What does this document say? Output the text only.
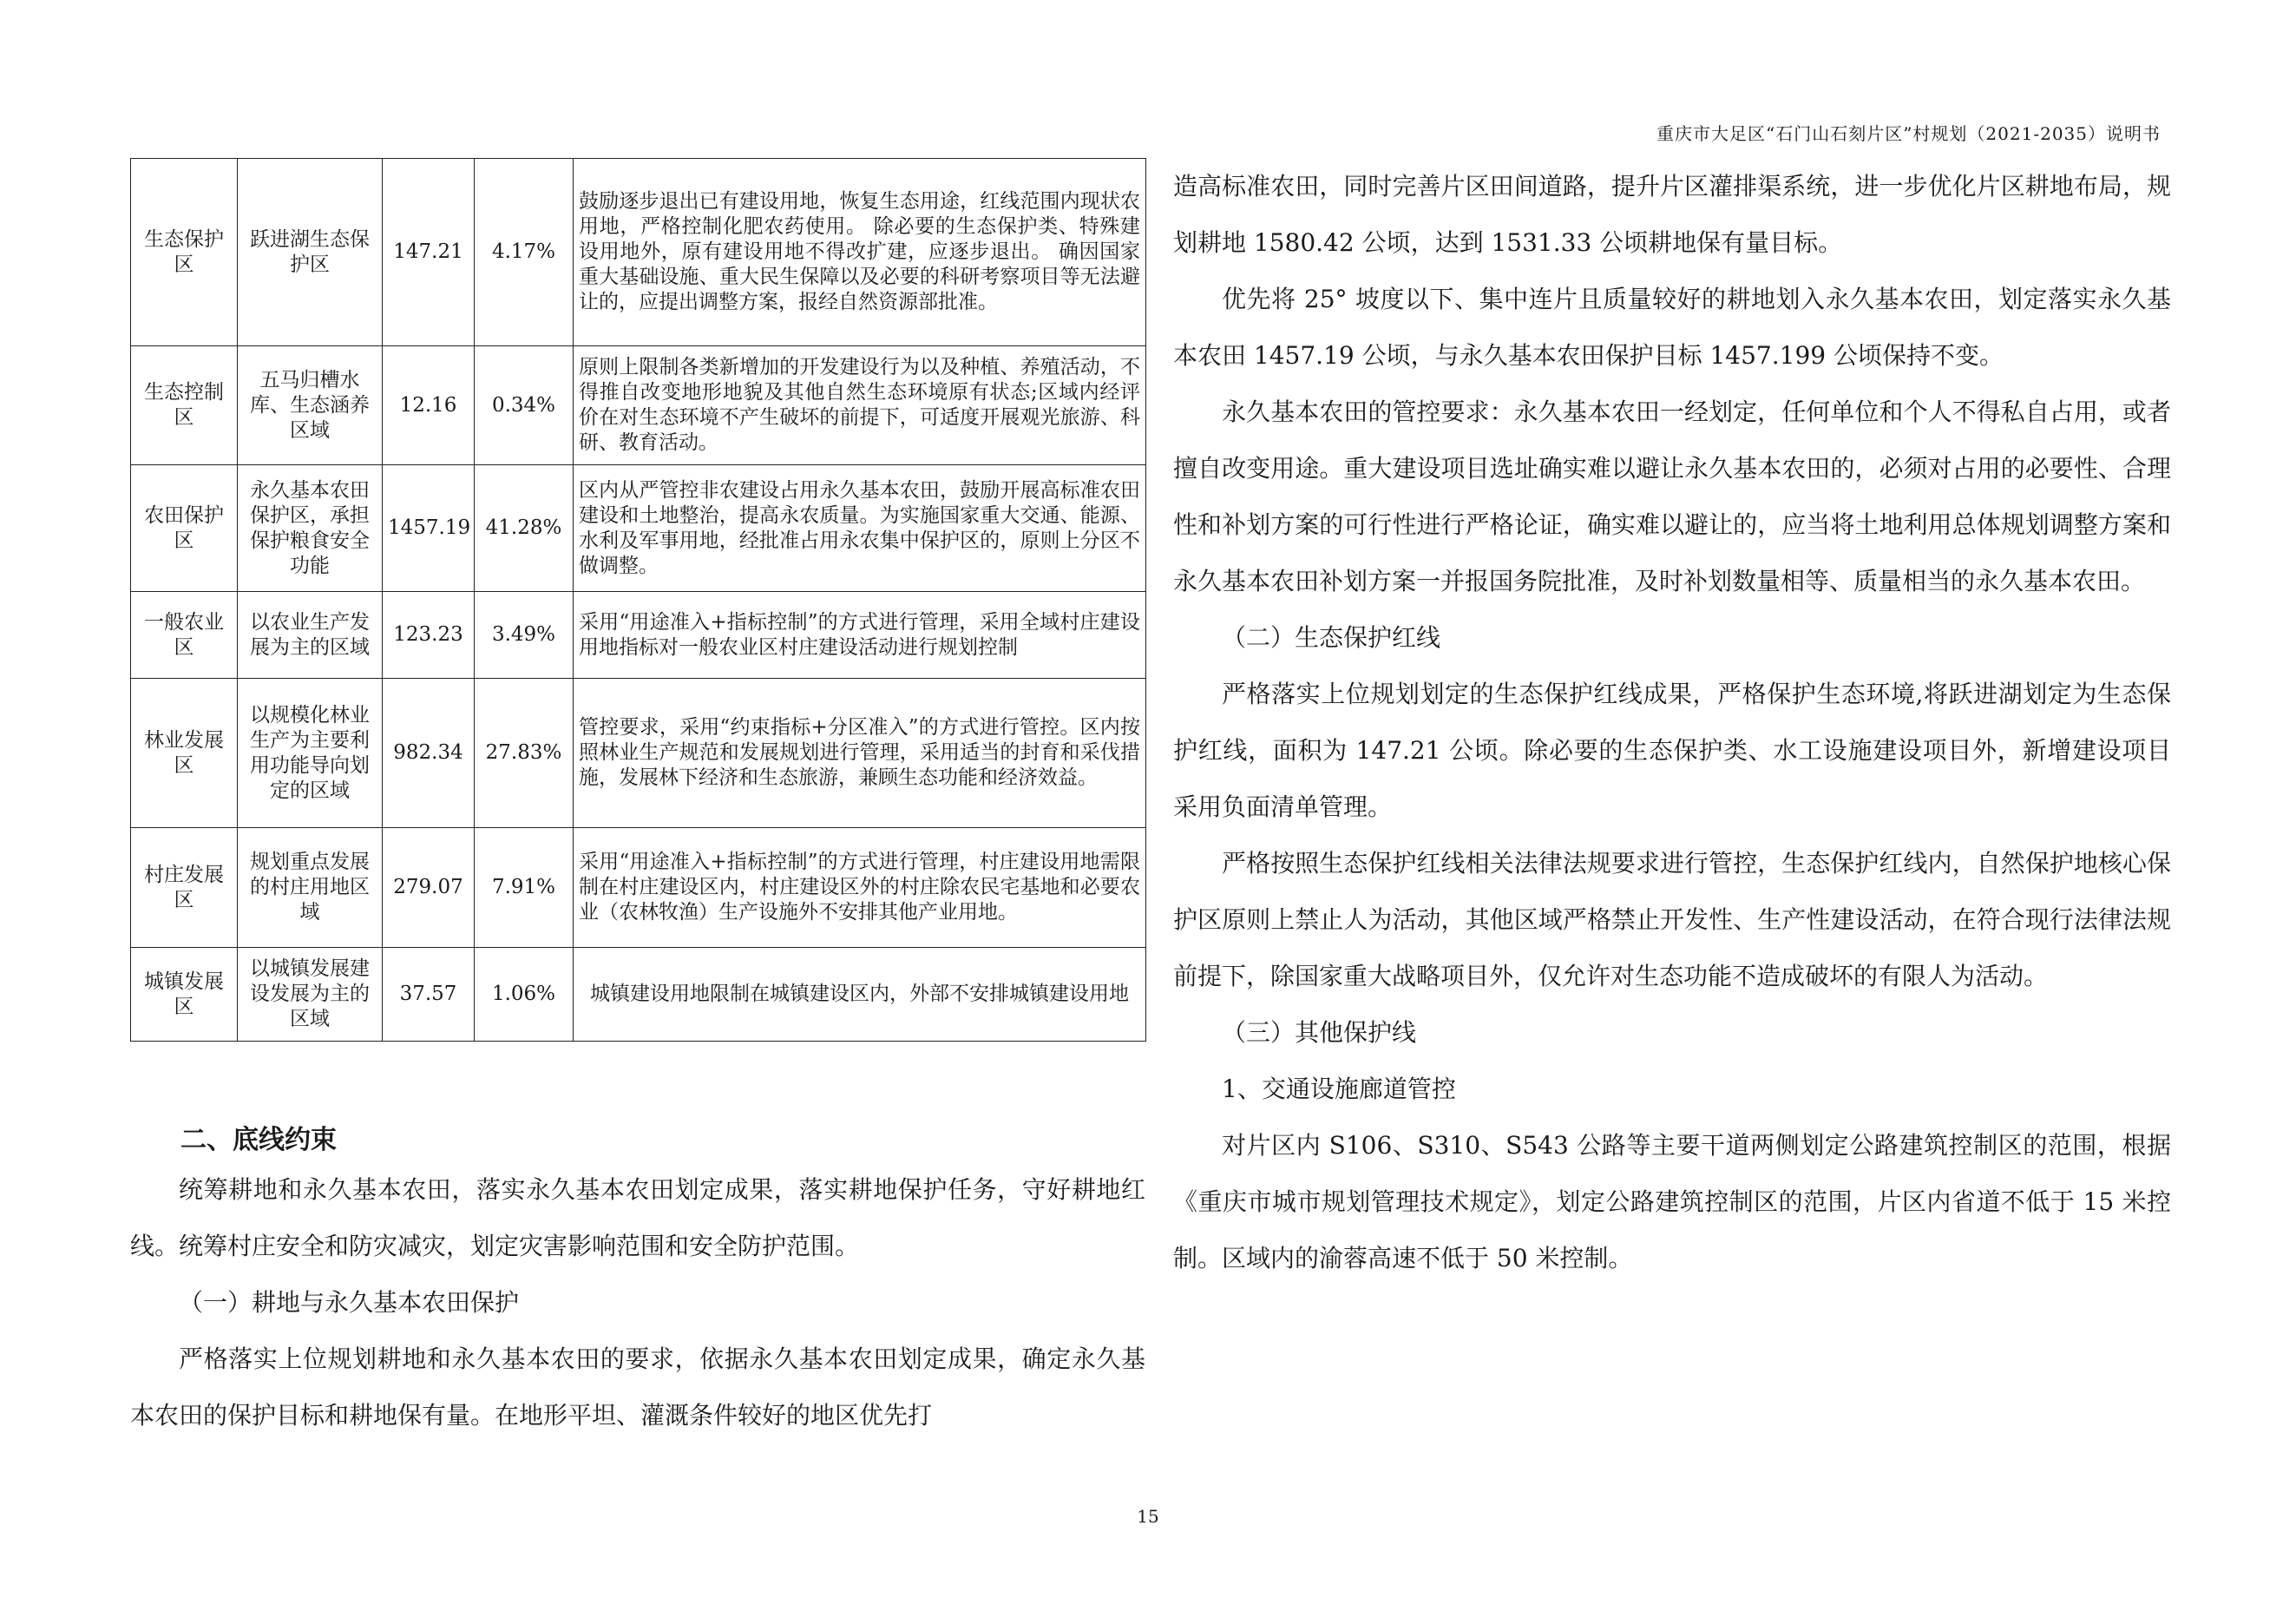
重庆市大足区“石门山石刻片区”村规划（2021-2035）说明书
生态保护区	跃进湖生态保护区	147.21	4.17%	鼓励逐步退出已有建设用地，恢复生态用途，红线范围内现状农用地，严格控制化肥农药使用。 除必要的生态保护类、特殊建设用地外，原有建设用地不得改扩建，应逐步退出。 确因国家重大基础设施、重大民生保障以及必要的科研考察项目等无法避让的，应提出调整方案，报经自然资源部批准。
生态控制区	五马归槽水库、生态涵养区域	12.16	0.34%	原则上限制各类新增加的开发建设行为以及种植、养殖活动，不得推自改变地形地貌及其他自然生态环境原有状态;区域内经评价在对生态环境不产生破坏的前提下，可适度开展观光旅游、科研、教育活动。
农田保护区	永久基本农田保护区，承担保护粮食安全功能	1457.19	41.28%	区内从严管控非农建设占用永久基本农田，鼓励开展高标准农田建设和土地整治，提高永农质量。为实施国家重大交通、能源、水利及军事用地，经批准占用永农集中保护区的，原则上分区不做调整。
一般农业区	以农业生产发展为主的区域	123.23	3.49%	采用“用途准入+指标控制”的方式进行管理，采用全域村庄建设用地指标对一般农业区村庄建设活动进行规划控制
林业发展区	以规模化林业生产为主要利用功能导向划定的区域	982.34	27.83%	管控要求，采用“约束指标+分区准入”的方式进行管控。区内按照林业生产规范和发展规划进行管理，采用适当的封育和采伐措施，发展林下经济和生态旅游，兼顾生态功能和经济效益。
村庄发展区	规划重点发展的村庄用地区域	279.07	7.91%	采用“用途准入+指标控制”的方式进行管理，村庄建设用地需限制在村庄建设区内，村庄建设区外的村庄除农民宅基地和必要农业（农林牧渔）生产设施外不安排其他产业用地。
城镇发展区	以城镇发展建设发展为主的区域	37.57	1.06%	城镇建设用地限制在城镇建设区内，外部不安排城镇建设用地
二、底线约束

统筹耕地和永久基本农田，落实永久基本农田划定成果，落实耕地保护任务，守好耕地红线。统筹村庄安全和防灾减灾，划定灾害影响范围和安全防护范围。

（一）耕地与永久基本农田保护

严格落实上位规划耕地和永久基本农田的要求，依据永久基本农田划定成果，确定永久基本农田的保护目标和耕地保有量。在地形平坦、灌溉条件较好的地区优先打

造高标准农田，同时完善片区田间道路，提升片区灌排渠系统，进一步优化片区耕地布局，规划耕地 1580.42 公顷，达到 1531.33 公顷耕地保有量目标。

优先将 25° 坡度以下、集中连片且质量较好的耕地划入永久基本农田，划定落实永久基本农田 1457.19 公顷，与永久基本农田保护目标 1457.199 公顷保持不变。

永久基本农田的管控要求：永久基本农田一经划定，任何单位和个人不得私自占用，或者擅自改变用途。重大建设项目选址确实难以避让永久基本农田的，必须对占用的必要性、合理性和补划方案的可行性进行严格论证，确实难以避让的，应当将土地利用总体规划调整方案和永久基本农田补划方案一并报国务院批准，及时补划数量相等、质量相当的永久基本农田。

（二）生态保护红线

严格落实上位规划划定的生态保护红线成果，严格保护生态环境,将跃进湖划定为生态保护红线，面积为 147.21 公顷。除必要的生态保护类、水工设施建设项目外，新增建设项目采用负面清单管理。

严格按照生态保护红线相关法律法规要求进行管控，生态保护红线内，自然保护地核心保护区原则上禁止人为活动，其他区域严格禁止开发性、生产性建设活动，在符合现行法律法规前提下，除国家重大战略项目外，仅允许对生态功能不造成破坏的有限人为活动。

（三）其他保护线

1、交通设施廊道管控

对片区内 S106、S310、S543 公路等主要干道两侧划定公路建筑控制区的范围，根据《重庆市城市规划管理技术规定》，划定公路建筑控制区的范围，片区内省道不低于 15 米控制。区域内的渝蓉高速不低于 50 米控制。

15
